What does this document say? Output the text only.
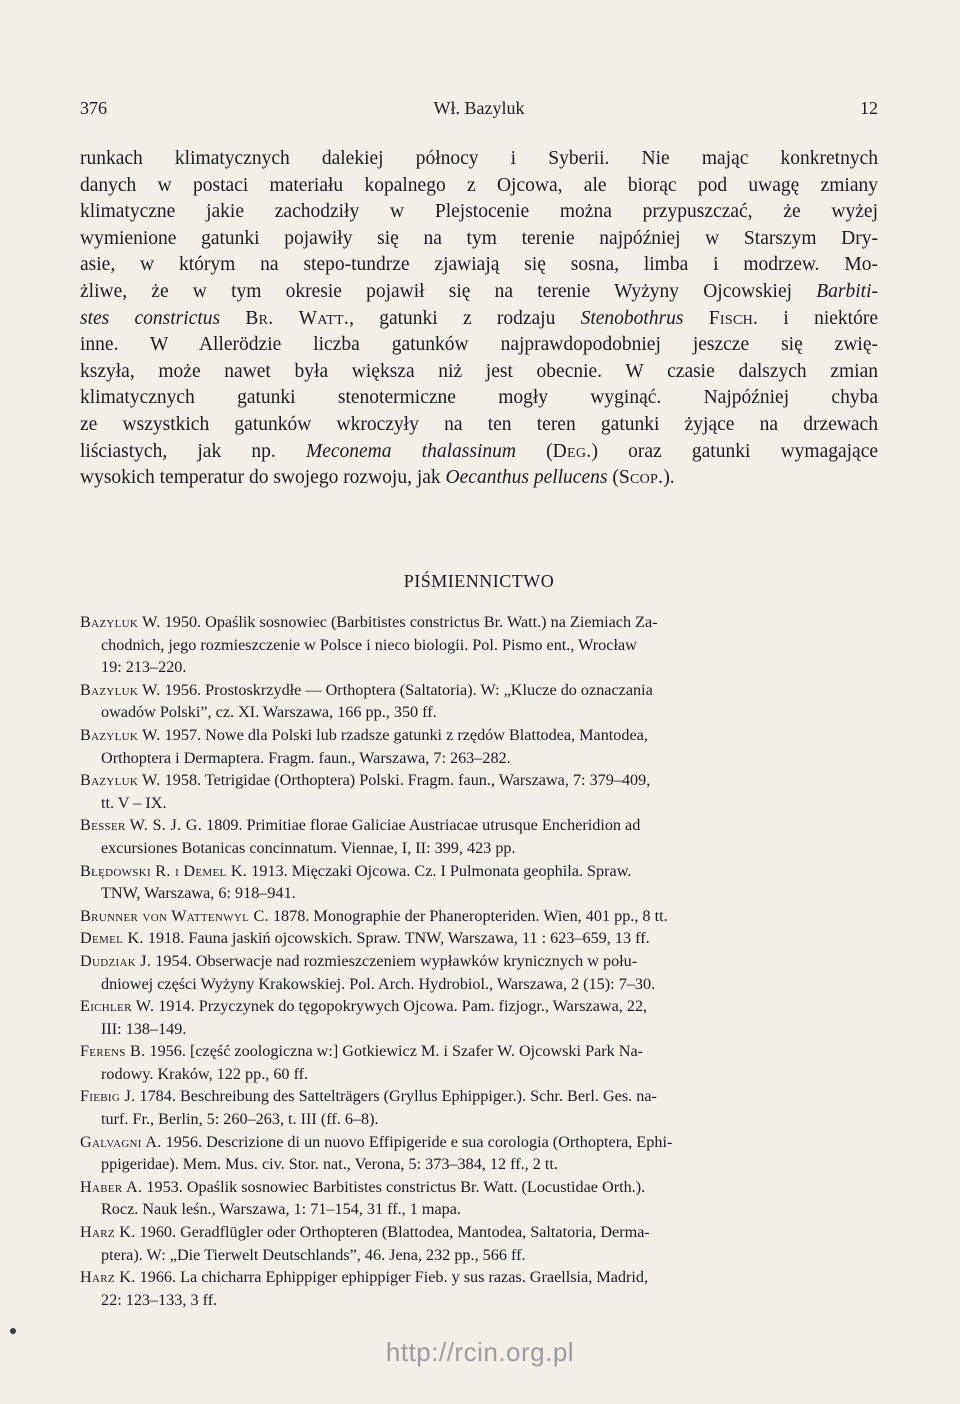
376	Wł. Bazyluk	12
runkach klimatycznych dalekiej północy i Syberii. Nie mając konkretnych
danych w postaci materiału kopalnego z Ojcowa, ale biorąc pod uwagę zmiany
klimatyczne jakie zachodziły w Plejstocenie można przypuszczać, że wyżej
wymienione gatunki pojawiły się na tym terenie najpóźniej w Starszym Dry-
asie, w którym na stepo-tundrze zjawiają się sosna, limba i modrzew. Mo-
żliwe, że w tym okresie pojawił się na terenie Wyżyny Ojcowskiej Barbiti-
stes constrictus Br. Watt., gatunki z rodzaju Stenobothrus Fisch. i niektóre
inne. W Allerödzie liczba gatunków najprawdopodobniej jeszcze się zwię-
kszyła, może nawet była większa niż jest obecnie. W czasie dalszych zmian
klimatycznych gatunki stenotermiczne mogły wyginąć. Najpóźniej chyba
ze wszystkich gatunków wkroczyły na ten teren gatunki żyjące na drzewach
liściastych, jak np. Meconema thalassinum (Deg.) oraz gatunki wymagające
wysokich temperatur do swojego rozwoju, jak Oecanthus pellucens (Scop.).
PIŚMIENNICTWO
Bazyluk W. 1950. Opaślik sosnowiec (Barbitistes constrictus Br. Watt.) na Ziemiach Za-
chodnich, jego rozmieszczenie w Polsce i nieco biologii. Pol. Pismo ent., Wrocław
19: 213–220.
Bazyluk W. 1956. Prostoskrzydłe — Orthoptera (Saltatoria). W: „Klucze do oznaczania
owadów Polski”, cz. XI. Warszawa, 166 pp., 350 ff.
Bazyluk W. 1957. Nowe dla Polski lub rzadsze gatunki z rzędów Blattodea, Mantodea,
Orthoptera i Dermaptera. Fragm. faun., Warszawa, 7: 263–282.
Bazyluk W. 1958. Tetrigidae (Orthoptera) Polski. Fragm. faun., Warszawa, 7: 379–409,
tt. V – IX.
Besser W. S. J. G. 1809. Primitiae florae Galiciae Austriacae utrusque Encheridion ad
excursiones Botanicas concinnatum. Viennae, I, II: 399, 423 pp.
Błędowski R. i Demel K. 1913. Mięczaki Ojcowa. Cz. I Pulmonata geophila. Spraw.
TNW, Warszawa, 6: 918–941.
Brunner von Wattenwyl C. 1878. Monographie der Phaneropteriden. Wien, 401 pp., 8 tt.
Demel K. 1918. Fauna jaskiń ojcowskich. Spraw. TNW, Warszawa, 11 : 623–659, 13 ff.
Dudziak J. 1954. Obserwacje nad rozmieszczeniem wypławków krynicznych w połu-
dniowej części Wyżyny Krakowskiej. Pol. Arch. Hydrobiol., Warszawa, 2 (15): 7–30.
Eichler W. 1914. Przyczynek do tęgopokrywych Ojcowa. Pam. fizjogr., Warszawa, 22,
III: 138–149.
Ferens B. 1956. [część zoologiczna w:] Gotkiewicz M. i Szafer W. Ojcowski Park Na-
rodowy. Kraków, 122 pp., 60 ff.
Fiebig J. 1784. Beschreibung des Sattelträgers (Gryllus Ephippiger.). Schr. Berl. Ges. na-
turf. Fr., Berlin, 5: 260–263, t. III (ff. 6–8).
Galvagni A. 1956. Descrizione di un nuovo Effipigeride e sua corologia (Orthoptera, Ephi-
ppigeridae). Mem. Mus. civ. Stor. nat., Verona, 5: 373–384, 12 ff., 2 tt.
Haber A. 1953. Opaślik sosnowiec Barbitistes constrictus Br. Watt. (Locustidae Orth.).
Rocz. Nauk leśn., Warszawa, 1: 71–154, 31 ff., 1 mapa.
Harz K. 1960. Geradflügler oder Orthopteren (Blattodea, Mantodea, Saltatoria, Derma-
ptera). W: „Die Tierwelt Deutschlands”, 46. Jena, 232 pp., 566 ff.
Harz K. 1966. La chicharra Ephippiger ephippiger Fieb. y sus razas. Graellsia, Madrid,
22: 123–133, 3 ff.
http://rcin.org.pl
